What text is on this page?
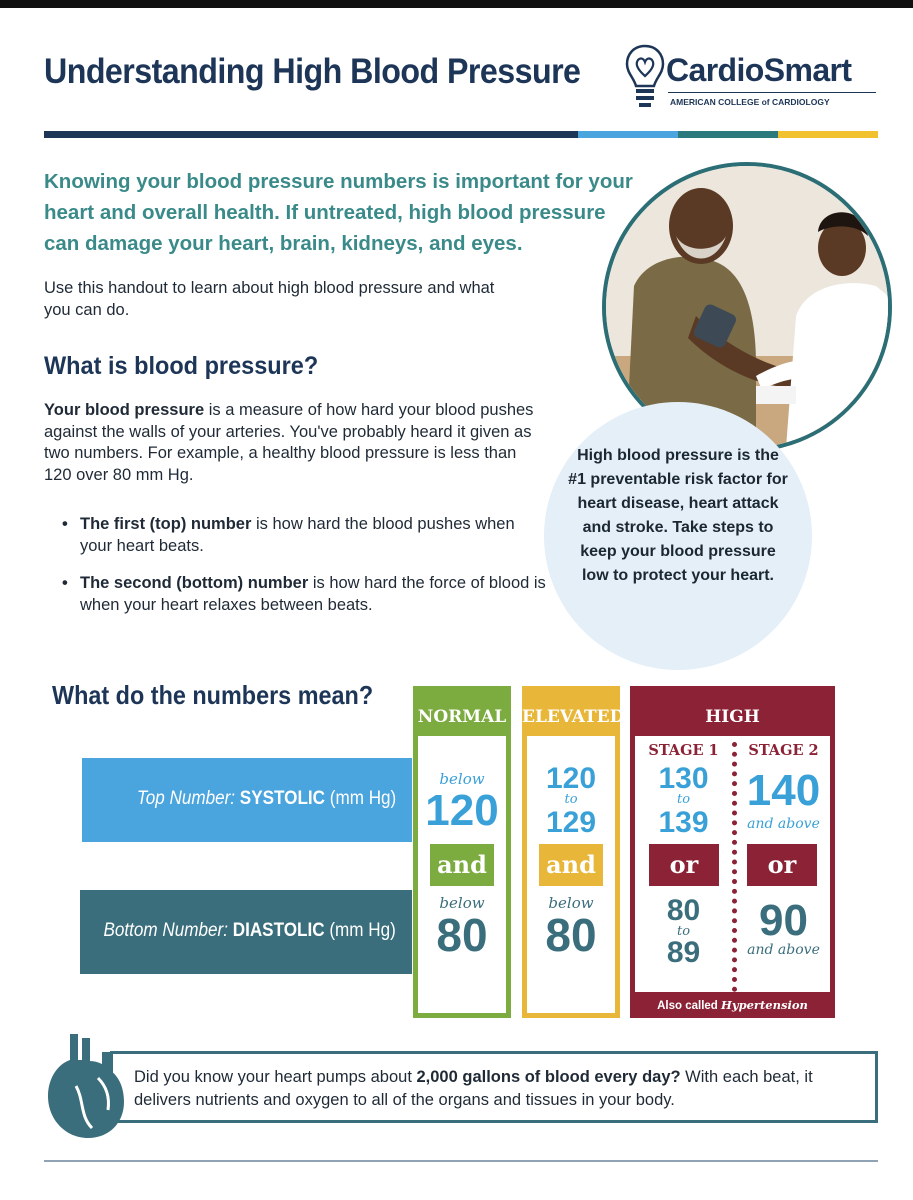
Understanding High Blood Pressure	CardioSmart
AMERICAN COLLEGE of CARDIOLOGY
Knowing your blood pressure numbers is important for your heart and overall health. If untreated, high blood pressure can damage your heart, brain, kidneys, and eyes.
Use this handout to learn about high blood pressure and what you can do.
What is blood pressure?
Your blood pressure is a measure of how hard your blood pushes against the walls of your arteries. You've probably heard it given as two numbers. For example, a healthy blood pressure is less than 120 over 80 mm Hg.
• The first (top) number is how hard the blood pushes when your heart beats.
• The second (bottom) number is how hard the force of blood is when your heart relaxes between beats.
High blood pressure is the #1 preventable risk factor for heart disease, heart attack and stroke. Take steps to keep your blood pressure low to protect your heart.
What do the numbers mean?
Top Number: SYSTOLIC (mm Hg)
Bottom Number: DIASTOLIC (mm Hg)
NORMAL
below
120
and
below
80
ELEVATED
120
to
129
and
below
80
HIGH
STAGE 1
130
to
139
or
80
to
89
STAGE 2
140
and above
or
90
and above
Also called Hypertension
Did you know your heart pumps about 2,000 gallons of blood every day? With each beat, it delivers nutrients and oxygen to all of the organs and tissues in your body.
